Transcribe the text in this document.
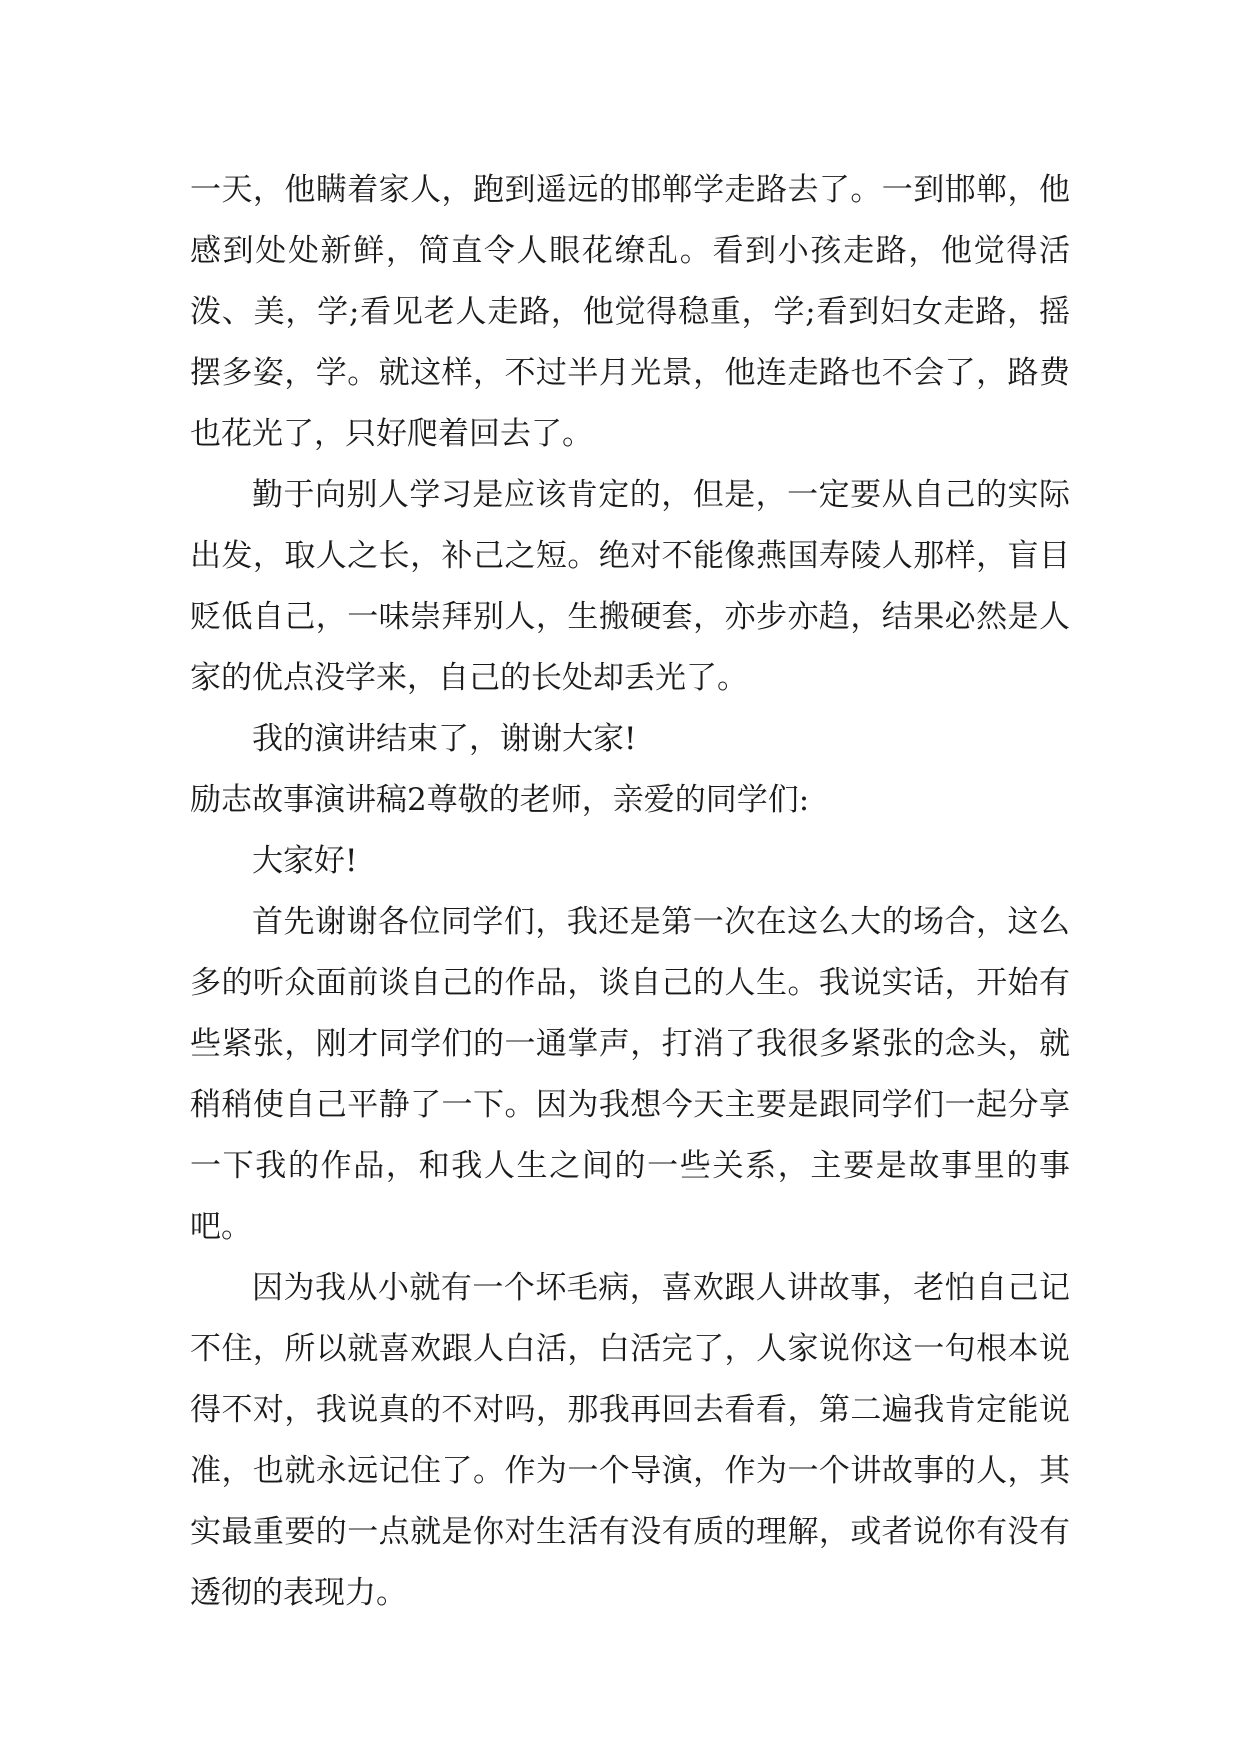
一天，他瞒着家人，跑到遥远的邯郸学走路去了。一到邯郸，他感到处处新鲜，简直令人眼花缭乱。看到小孩走路，他觉得活泼、美，学;看见老人走路，他觉得稳重，学;看到妇女走路，摇摆多姿，学。就这样，不过半月光景，他连走路也不会了，路费也花光了，只好爬着回去了。

勤于向别人学习是应该肯定的，但是，一定要从自己的实际出发，取人之长，补己之短。绝对不能像燕国寿陵人那样，盲目贬低自己，一味崇拜别人，生搬硬套，亦步亦趋，结果必然是人家的优点没学来，自己的长处却丢光了。

我的演讲结束了，谢谢大家!

励志故事演讲稿2尊敬的老师，亲爱的同学们:

大家好!

首先谢谢各位同学们，我还是第一次在这么大的场合，这么多的听众面前谈自己的作品，谈自己的人生。我说实话，开始有些紧张，刚才同学们的一通掌声，打消了我很多紧张的念头，就稍稍使自己平静了一下。因为我想今天主要是跟同学们一起分享一下我的作品，和我人生之间的一些关系，主要是故事里的事吧。

因为我从小就有一个坏毛病，喜欢跟人讲故事，老怕自己记不住，所以就喜欢跟人白活，白活完了，人家说你这一句根本说得不对，我说真的不对吗，那我再回去看看，第二遍我肯定能说准，也就永远记住了。作为一个导演，作为一个讲故事的人，其实最重要的一点就是你对生活有没有质的理解，或者说你有没有透彻的表现力。
